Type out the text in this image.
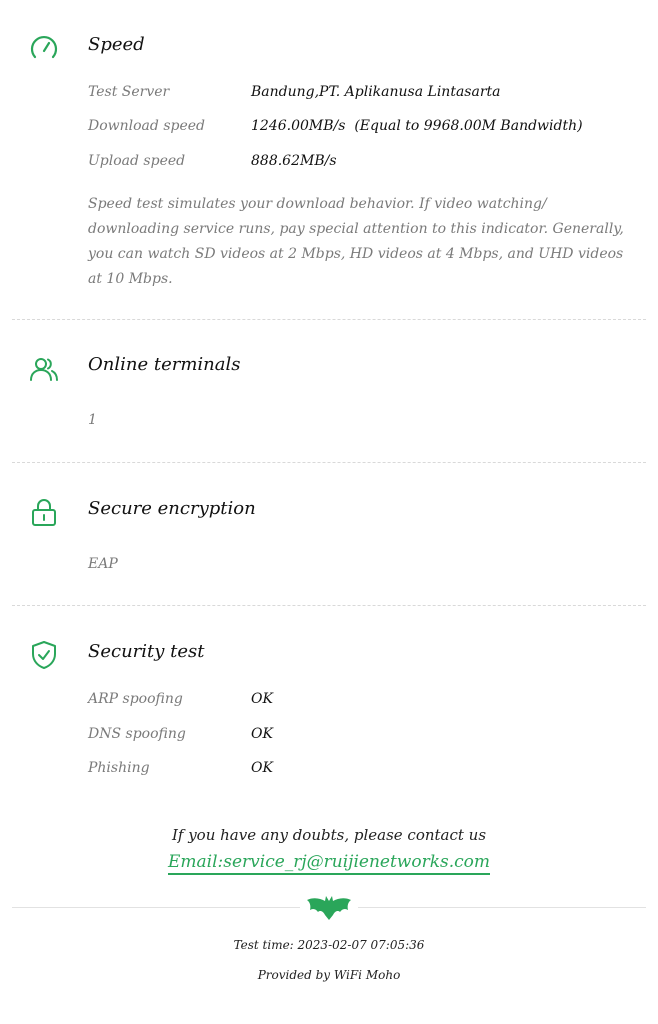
Speed
Test Server	Bandung,PT. Aplikanusa Lintasarta
Download speed	1246.00MB/s  (Equal to 9968.00M Bandwidth)
Upload speed	888.62MB/s
Speed test simulates your download behavior. If video watching/ downloading service runs, pay special attention to this indicator. Generally, you can watch SD videos at 2 Mbps, HD videos at 4 Mbps, and UHD videos at 10 Mbps.
Online terminals
1
Secure encryption
EAP
Security test
ARP spoofing	OK
DNS spoofing	OK
Phishing	OK
If you have any doubts, please contact us
Email:service_rj@ruijienetworks.com
Test time: 2023-02-07 07:05:36
Provided by WiFi Moho
